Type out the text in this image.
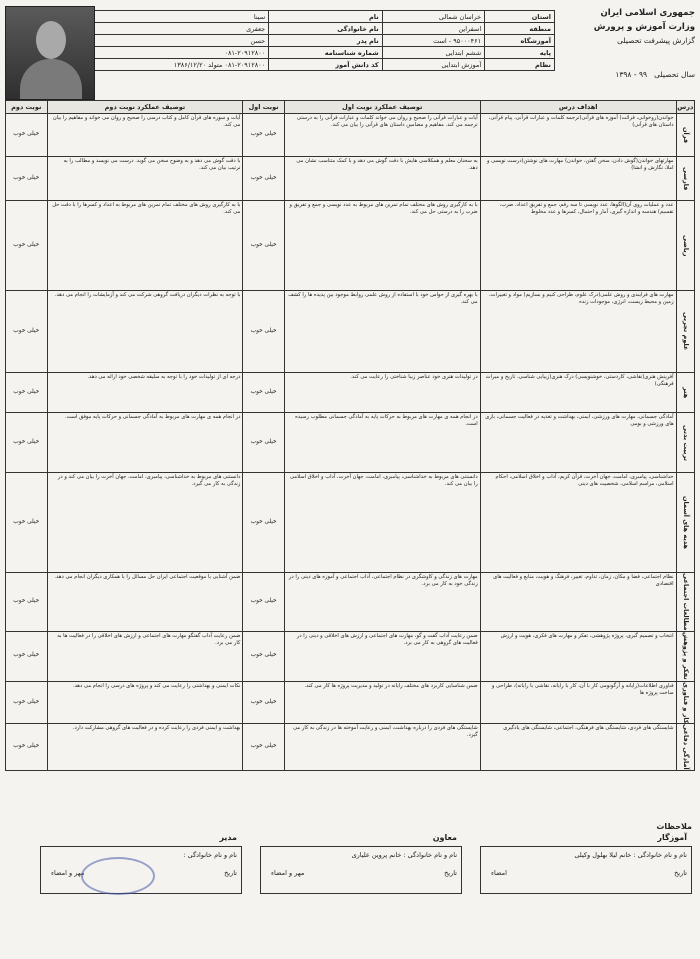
جمهوری اسلامی ایران
وزارت آموزش و پرورش
گزارش پیشرفت تحصیلی
سال تحصیلی   ۹۹ - ۱۳۹۸
استان	خراسان شمالی	نام	سینا
منطقه	اسفراین	نام خانوادگی	جعفری
آموزشگاه	۹۵۰۰۰۴۶۱ - است	نام پدر	حسن
پایه	ششم ابتدایی	شماره شناسنامه	۰۸۱-۲۰۹۱۲۸۰۰
نظام	آموزش ابتدایی	کد دانش آموز	۰۸۱-۲۰۹۱۲۸۰۰ متولد ۱۳۸۶/۱۲/۲۰
درس	اهداف درس	توصیف عملکرد نوبت اول	نوبت اول	توصیف عملکرد نوبت دوم	نوبت دوم
قرآن	خواندن(روخوانی، قرائت) آموزه های قرآنی(ترجمه کلمات و عبارات قرآنی، پیام قرآنی، داستان های قرآنی)	آیات و عبارات قرآنی را صحیح و روان می خواند کلمات و عبارات قرآنی را به درستی ترجمه می کند. مفاهیم و مضامین داستان های قرآنی را بیان می کند.	خیلی خوب	آیات و سوره های قرآن کامل و کتاب درسی را صحیح و روان می خواند و مفاهیم را بیان می کند.	خیلی خوب
فارسی	مهارتهای خواندن(گوش دادن، سخن گفتن، خواندن) مهارت های نوشتن(درست نویسی و املا، نگارش و انشا)	به سخنان معلم و همکلاسی هایش با دقت گوش می دهد و با کمک متناسب نشان می دهد.	خیلی خوب	با دقت گوش می دهد و به وضوح سخن می گوید. درست می نویسد و مطالب را به ترتیب بیان می کند.	خیلی خوب
ریاضی	عدد و عملیات روی آن(الگوها، عدد نویسی تا سه رقم، جمع و تفریق اعداد، ضرب، تقسیم) هندسه و اندازه گیری، آمار و احتمال، کسرها و عدد مخلوط	با به کارگیری روش های مختلف تمام تمرین های مربوط به عدد نویسی و جمع و تفریق و ضرب را به درستی حل می کند.	خیلی خوب	با به کارگیری روش های مختلف تمام تمرین های مربوط به اعداد و کسرها را با دقت حل می کند.	خیلی خوب
علوم تجربی	مهارت های فرایندی و روش علمی(درک علوم، طراحی کنیم و بسازیم) مواد و تغییرات، زمین و محیط زیست، انرژی، موجودات زنده	با بهره گیری از حواس خود با استفاده از روش علمی روابط موجود بین پدیده ها را کشف می کند.	خیلی خوب	با توجه به نظرات دیگران دریافت گروهی شرکت می کند و آزمایشات را انجام می دهد.	خیلی خوب
هنر	آفرینش هنری(نقاشی، کاردستی، خوشنویسی) درک هنری(زیبایی شناسی، تاریخ و میراث فرهنگی)	در تولیدات هنری خود عناصر زیبا شناختی را رعایت می کند.	خیلی خوب	درجه ای از تولیدات خود را با توجه به سلیقه شخصی خود ارائه می دهد.	خیلی خوب
تربیت بدنی	آمادگی جسمانی، مهارت های ورزشی، ایمنی، بهداشت و تغذیه در فعالیت جسمانی، بازی های ورزشی و بومی	در انجام همه ی مهارت های مربوط به حرکات پایه به آمادگی جسمانی مطلوب رسیده است.	خیلی خوب	در انجام همه ی مهارت های مربوط به آمادگی جسمانی و حرکات پایه موفق است.	خیلی خوب
هدیه های آسمان	خداشناسی، پیامبری، امامت، جهان آخرت، قرآن کریم، آداب و اخلاق اسلامی، احکام اسلامی، مراسم اسلامی، شخصیت های دینی	دانستنی های مربوط به خداشناسی، پیامبری، امامت، جهان آخرت، آداب و اخلاق اسلامی را بیان می کند.	خیلی خوب	دانستنی های مربوط به خداشناسی، پیامبری، امامت، جهان آخرت را بیان می کند و در زندگی به کار می گیرد.	خیلی خوب
مطالعات اجتماعی	نظام اجتماعی، فضا و مکان، زمان، تداوم، تغییر، فرهنگ و هویت، منابع و فعالیت های اقتصادی	مهارت های زندگی و کاوشگری در نظام اجتماعی، آداب اجتماعی و آموزه های دینی را در زندگی خود به کار می برد.	خیلی خوب	ضمن آشنایی با موقعیت اجتماعی ایران حل مسائل را با همکاری دیگران انجام می دهد.	خیلی خوب
تفکر و پژوهش	انتخاب و تصمیم گیری، پروژه پژوهشی، تفکر و مهارت های فکری، هویت و ارزش	ضمن رعایت آداب گفت و گو، مهارت های اجتماعی و ارزش های اخلاقی و دینی را در فعالیت های گروهی به کار می برد.	خیلی خوب	ضمن رعایت آداب گفتگو مهارت های اجتماعی و ارزش های اخلاقی را در فعالیت ها به کار می برد.	خیلی خوب
کار و فناوری	فناوری اطلاعات(رایانه و آرگونومی کار با آن، کار با رایانه، نقاشی با رایانه)، طراحی و ساخت پروژه ها	ضمن شناسایی کاربرد های مختلف رایانه در تولید و مدیریت پروژه ها کار می کند.	خیلی خوب	نکات ایمنی و بهداشتی را رعایت می کند و پروژه های درسی را انجام می دهد.	خیلی خوب
آمادگی دفاعی	شایستگی های فردی، شایستگی های فرهنگی، اجتماعی، شایستگی های یادگیری	شایستگی های فردی را درباره بهداشت، ایمنی و رعایت آموخته ها در زندگی به کار می گیرد.	خیلی خوب	بهداشت و ایمنی فردی را رعایت کرده و در فعالیت های گروهی مشارکت دارد.	خیلی خوب
ملاحظات
آموزگار
نام و نام خانوادگی : خانم لیلا بهلول وکیلی
تاریخ
امضاء
معاون
نام و نام خانوادگی : خانم پروین علیاری
تاریخ
مهر و امضاء
مدیر
نام و نام خانوادگی :
تاریخ
مهر و امضاء
